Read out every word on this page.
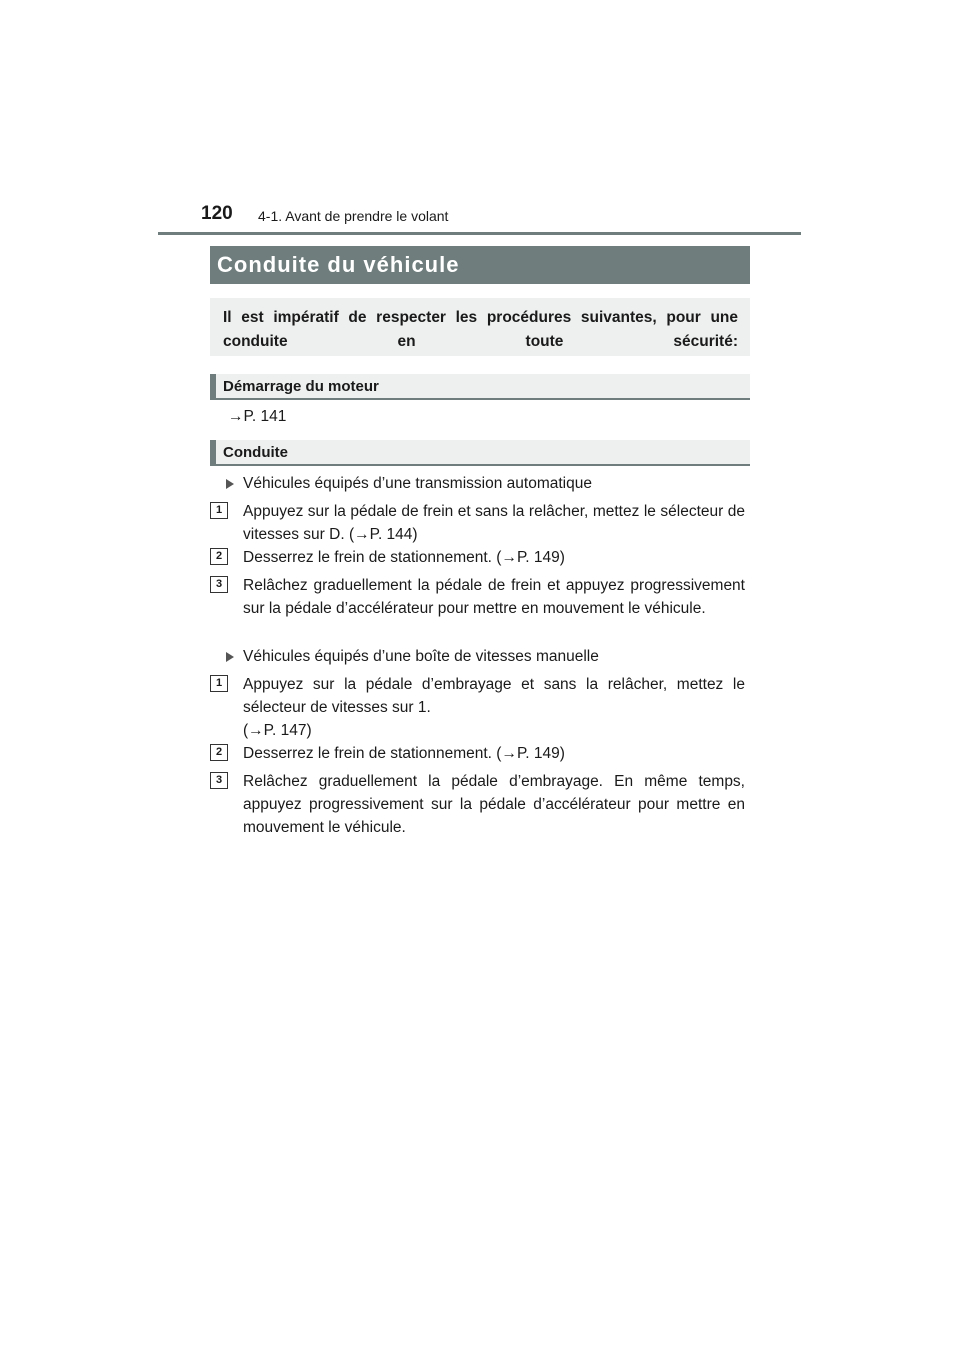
120 4-1. Avant de prendre le volant
Conduite du véhicule
Il est impératif de respecter les procédures suivantes, pour une conduite en toute sécurité:
Démarrage du moteur
→P. 141
Conduite
Véhicules équipés d’une transmission automatique
1	Appuyez sur la pédale de frein et sans la relâcher, mettez le sélecteur de vitesses sur D. (→P. 144)
2	Desserrez le frein de stationnement. (→P. 149)
3	Relâchez graduellement la pédale de frein et appuyez progressivement sur la pédale d’accélérateur pour mettre en mouvement le véhicule.
Véhicules équipés d’une boîte de vitesses manuelle
1	Appuyez sur la pédale d’embrayage et sans la relâcher, mettez le sélecteur de vitesses sur 1.
(→P. 147)
2	Desserrez le frein de stationnement. (→P. 149)
3	Relâchez graduellement la pédale d’embrayage. En même temps, appuyez progressivement sur la pédale d’accélérateur pour mettre en mouvement le véhicule.
